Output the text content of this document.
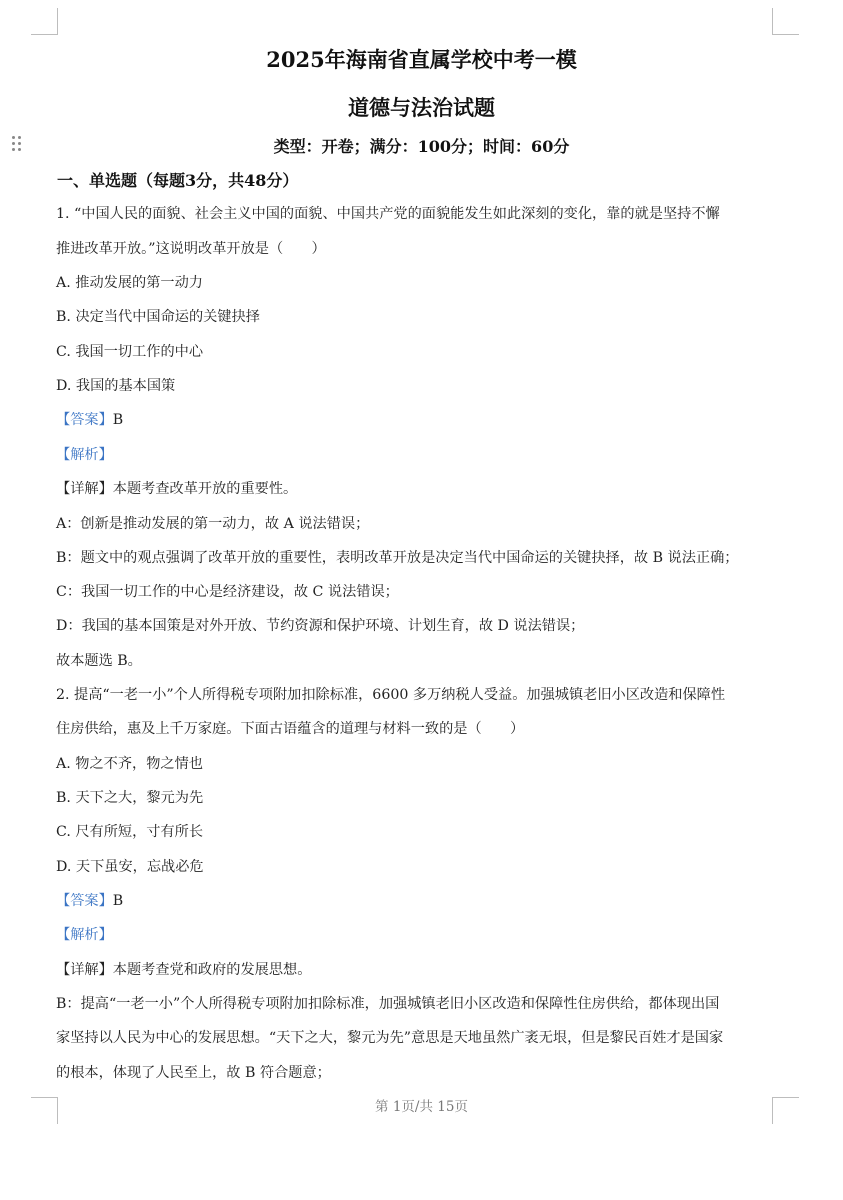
2025年海南省直属学校中考一模
道德与法治试题
类型：开卷；满分：100分；时间：60分
一、单选题（每题3分，共48分）
1. “中国人民的面貌、社会主义中国的面貌、中国共产党的面貌能发生如此深刻的变化，靠的就是坚持不懈
推进改革开放。”这说明改革开放是（　　）
A. 推动发展的第一动力
B. 决定当代中国命运的关键抉择
C. 我国一切工作的中心
D. 我国的基本国策
【答案】B
【解析】
【详解】本题考查改革开放的重要性。
A：创新是推动发展的第一动力，故 A 说法错误；
B：题文中的观点强调了改革开放的重要性，表明改革开放是决定当代中国命运的关键抉择，故 B 说法正确；
C：我国一切工作的中心是经济建设，故 C 说法错误；
D：我国的基本国策是对外开放、节约资源和保护环境、计划生育，故 D 说法错误；
故本题选 B。
2. 提高“一老一小”个人所得税专项附加扣除标准，6600 多万纳税人受益。加强城镇老旧小区改造和保障性
住房供给，惠及上千万家庭。下面古语蕴含的道理与材料一致的是（　　）
A. 物之不齐，物之情也
B. 天下之大，黎元为先
C. 尺有所短，寸有所长
D. 天下虽安，忘战必危
【答案】B
【解析】
【详解】本题考查党和政府的发展思想。
B：提高“一老一小”个人所得税专项附加扣除标准，加强城镇老旧小区改造和保障性住房供给，都体现出国
家坚持以人民为中心的发展思想。“天下之大，黎元为先”意思是天地虽然广袤无垠，但是黎民百姓才是国家
的根本，体现了人民至上，故 B 符合题意；
第 1页/共 15页
